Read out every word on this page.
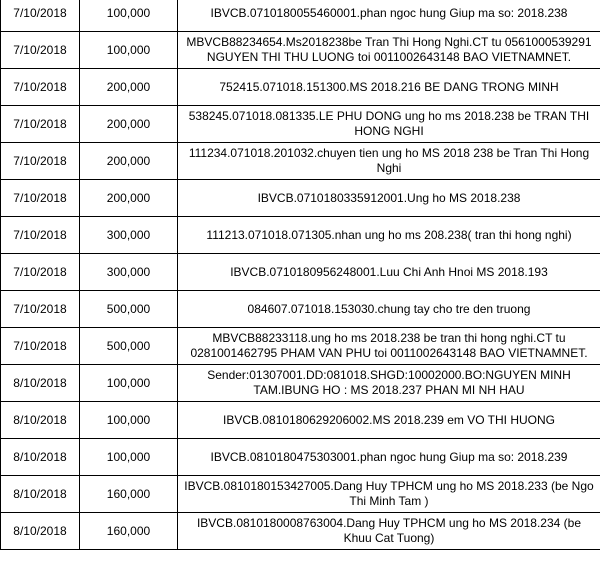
7/10/2018	100,000	IBVCB.0710180055460001.phan ngoc hung Giup ma so: 2018.238
7/10/2018	100,000	MBVCB88234654.Ms2018238be Tran Thi Hong Nghi.CT tu 0561000539291 NGUYEN THI THU LUONG toi 0011002643148 BAO VIETNAMNET.
7/10/2018	200,000	752415.071018.151300.MS 2018.216 BE DANG TRONG MINH
7/10/2018	200,000	538245.071018.081335.LE PHU DONG ung ho ms 2018.238 be TRAN THI HONG NGHI
7/10/2018	200,000	111234.071018.201032.chuyen tien ung ho MS 2018 238 be Tran Thi Hong Nghi
7/10/2018	200,000	IBVCB.0710180335912001.Ung ho MS 2018.238
7/10/2018	300,000	111213.071018.071305.nhan ung ho ms 208.238( tran thi hong nghi)
7/10/2018	300,000	IBVCB.0710180956248001.Luu Chi Anh Hnoi MS 2018.193
7/10/2018	500,000	084607.071018.153030.chung tay cho tre den truong
7/10/2018	500,000	MBVCB88233118.ung ho ms 2018.238 be tran thi hong nghi.CT tu 0281001462795 PHAM VAN PHU toi 0011002643148 BAO VIETNAMNET.
8/10/2018	100,000	Sender:01307001.DD:081018.SHGD:10002000.BO:NGUYEN MINH TAM.IBUNG HO : MS 2018.237 PHAN MI NH HAU
8/10/2018	100,000	IBVCB.0810180629206002.MS 2018.239 em VO THI HUONG
8/10/2018	100,000	IBVCB.0810180475303001.phan ngoc hung Giup ma so: 2018.239
8/10/2018	160,000	IBVCB.0810180153427005.Dang Huy TPHCM ung ho MS 2018.233 (be Ngo Thi Minh Tam )
8/10/2018	160,000	IBVCB.0810180008763004.Dang Huy TPHCM ung ho MS 2018.234 (be Khuu Cat Tuong)
